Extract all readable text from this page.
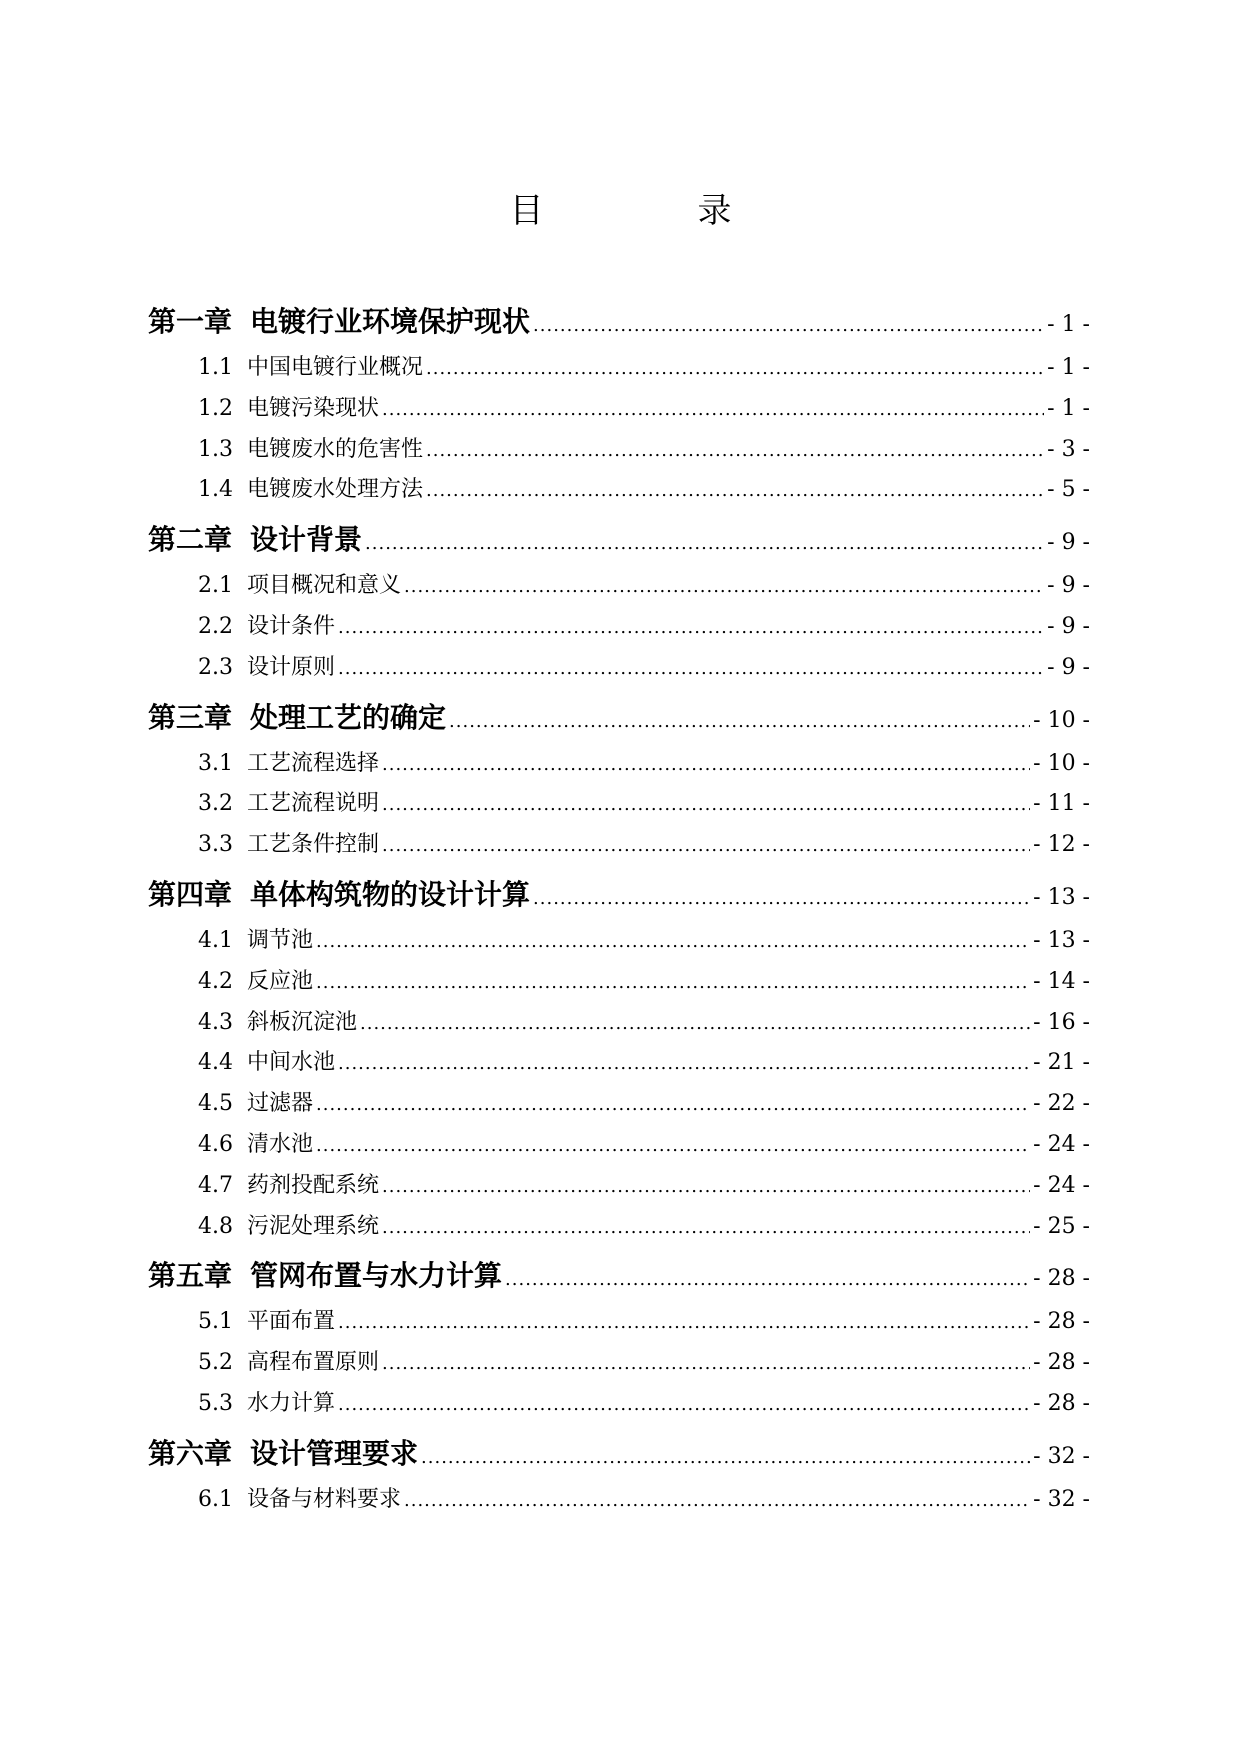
目　录
第一章 电镀行业环境保护现状 .....	- 1 -
1.1 中国电镀行业概况 .....	- 1 -
1.2 电镀污染现状 .....	- 1 -
1.3 电镀废水的危害性 .....	- 3 -
1.4 电镀废水处理方法 .....	- 5 -
第二章 设计背景 .....	- 9 -
2.1 项目概况和意义 .....	- 9 -
2.2 设计条件 .....	- 9 -
2.3 设计原则 .....	- 9 -
第三章 处理工艺的确定 .....	- 10 -
3.1 工艺流程选择 .....	- 10 -
3.2 工艺流程说明 .....	- 11 -
3.3 工艺条件控制 .....	- 12 -
第四章 单体构筑物的设计计算 .....	- 13 -
4.1 调节池 .....	- 13 -
4.2 反应池 .....	- 14 -
4.3 斜板沉淀池 .....	- 16 -
4.4 中间水池 .....	- 21 -
4.5 过滤器 .....	- 22 -
4.6 清水池 .....	- 24 -
4.7 药剂投配系统 .....	- 24 -
4.8 污泥处理系统 .....	- 25 -
第五章 管网布置与水力计算 .....	- 28 -
5.1 平面布置 .....	- 28 -
5.2 高程布置原则 .....	- 28 -
5.3 水力计算 .....	- 28 -
第六章 设计管理要求 .....	- 32 -
6.1 设备与材料要求 .....	- 32 -
